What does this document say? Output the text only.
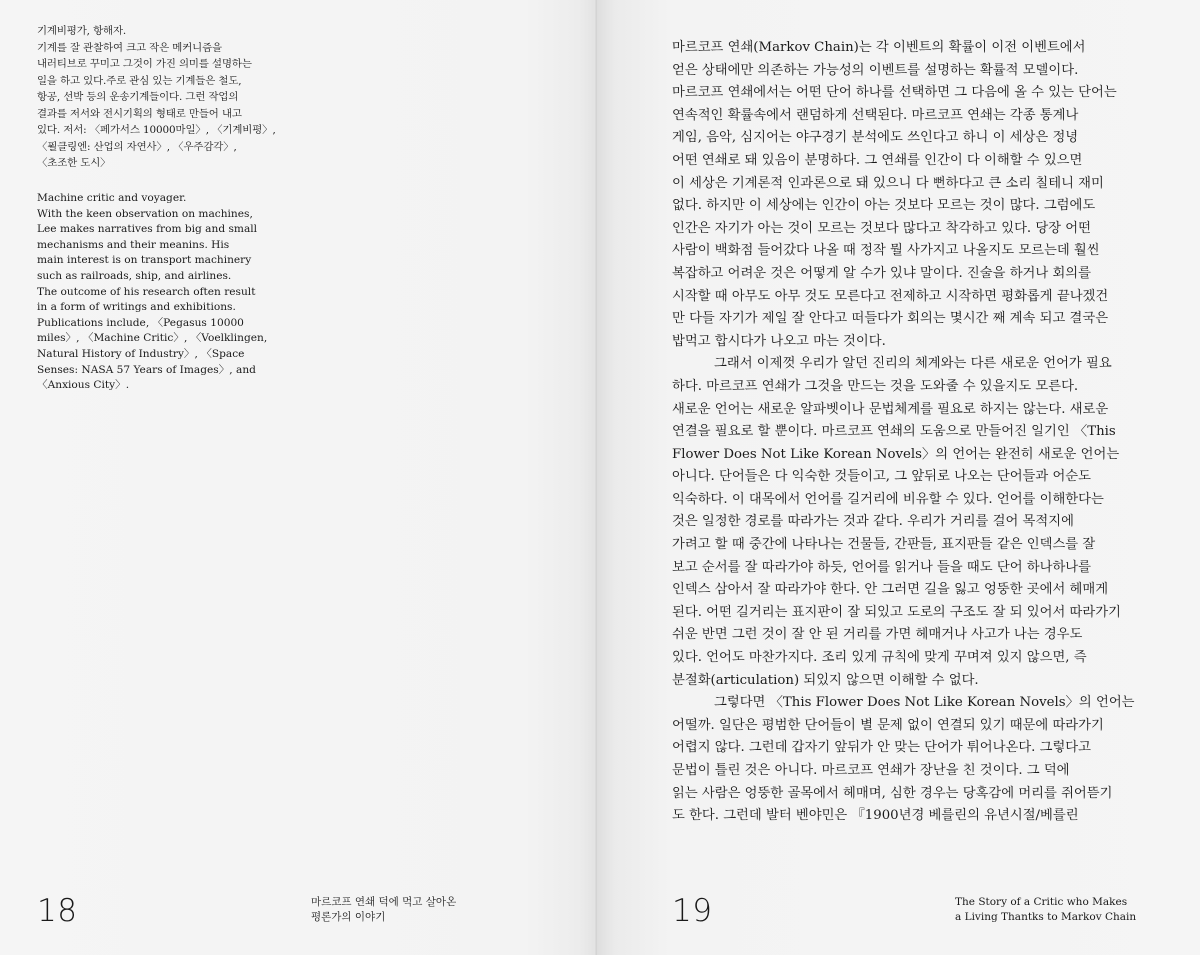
기계비평가, 항해자.
기계를 잘 관찰하여 크고 작은 메커니즘을
내러티브로 꾸미고 그것이 가진 의미를 설명하는
일을 하고 있다.주로 관심 있는 기계들은 철도,
항공, 선박 등의 운송기계들이다. 그런 작업의
결과를 저서와 전시기획의 형태로 만들어 내고
있다. 저서: 〈페가서스 10000마일〉, 〈기계비평〉,
〈푈클링엔: 산업의 자연사〉, 〈우주감각〉,
〈초조한 도시〉
Machine critic and voyager.
With the keen observation on machines,
Lee makes narratives from big and small
mechanisms and their meanins. His
main interest is on transport machinery
such as railroads, ship, and airlines.
The outcome of his research often result
in a form of writings and exhibitions.
Publications include, 〈Pegasus 10000
miles〉, 〈Machine Critic〉, 〈Voelklingen,
Natural History of Industry〉, 〈Space
Senses: NASA 57 Years of Images〉, and
〈Anxious City〉.
18	마르코프 연쇄 덕에 먹고 살아온
평론가의 이야기
마르코프 연쇄(Markov Chain)는 각 이벤트의 확률이 이전 이벤트에서
얻은 상태에만 의존하는 가능성의 이벤트를 설명하는 확률적 모델이다.
마르코프 연쇄에서는 어떤 단어 하나를 선택하면 그 다음에 올 수 있는 단어는
연속적인 확률속에서 랜덤하게 선택된다. 마르코프 연쇄는 각종 통계나
게임, 음악, 심지어는 야구경기 분석에도 쓰인다고 하니 이 세상은 정녕
어떤 연쇄로 돼 있음이 분명하다. 그 연쇄를 인간이 다 이해할 수 있으면
이 세상은 기계론적 인과론으로 돼 있으니 다 뻔하다고 큰 소리 칠테니 재미
없다. 하지만 이 세상에는 인간이 아는 것보다 모르는 것이 많다. 그럼에도
인간은 자기가 아는 것이 모르는 것보다 많다고 착각하고 있다. 당장 어떤
사람이 백화점 들어갔다 나올 때 정작 뭘 사가지고 나올지도 모르는데 훨씬
복잡하고 어려운 것은 어떻게 알 수가 있냐 말이다. 진술을 하거나 회의를
시작할 때 아무도 아무 것도 모른다고 전제하고 시작하면 평화롭게 끝나겠건
만 다들 자기가 제일 잘 안다고 떠들다가 회의는 몇시간 째 계속 되고 결국은
밥먹고 합시다가 나오고 마는 것이다.
그래서 이제껏 우리가 알던 진리의 체계와는 다른 새로운 언어가 필요
하다. 마르코프 연쇄가 그것을 만드는 것을 도와줄 수 있을지도 모른다.
새로운 언어는 새로운 알파벳이나 문법체계를 필요로 하지는 않는다. 새로운
연결을 필요로 할 뿐이다. 마르코프 연쇄의 도움으로 만들어진 일기인 〈This
Flower Does Not Like Korean Novels〉의 언어는 완전히 새로운 언어는
아니다. 단어들은 다 익숙한 것들이고, 그 앞뒤로 나오는 단어들과 어순도
익숙하다. 이 대목에서 언어를 길거리에 비유할 수 있다. 언어를 이해한다는
것은 일정한 경로를 따라가는 것과 같다. 우리가 거리를 걸어 목적지에
가려고 할 때 중간에 나타나는 건물들, 간판들, 표지판들 같은 인덱스를 잘
보고 순서를 잘 따라가야 하듯, 언어를 읽거나 들을 때도 단어 하나하나를
인덱스 삼아서 잘 따라가야 한다. 안 그러면 길을 잃고 엉뚱한 곳에서 헤매게
된다. 어떤 길거리는 표지판이 잘 되있고 도로의 구조도 잘 되 있어서 따라가기
쉬운 반면 그런 것이 잘 안 된 거리를 가면 헤매거나 사고가 나는 경우도
있다. 언어도 마찬가지다. 조리 있게 규칙에 맞게 꾸며져 있지 않으면, 즉
분절화(articulation) 되있지 않으면 이해할 수 없다.
그렇다면 〈This Flower Does Not Like Korean Novels〉의 언어는
어떨까. 일단은 평범한 단어들이 별 문제 없이 연결되 있기 때문에 따라가기
어렵지 않다. 그런데 갑자기 앞뒤가 안 맞는 단어가 튀어나온다. 그렇다고
문법이 틀린 것은 아니다. 마르코프 연쇄가 장난을 친 것이다. 그 덕에
읽는 사람은 엉뚱한 골목에서 헤매며, 심한 경우는 당혹감에 머리를 쥐어뜯기
도 한다. 그런데 발터 벤야민은 『1900년경 베를린의 유년시절/베를린
19	The Story of a Critic who Makes
a Living Thantks to Markov Chain
